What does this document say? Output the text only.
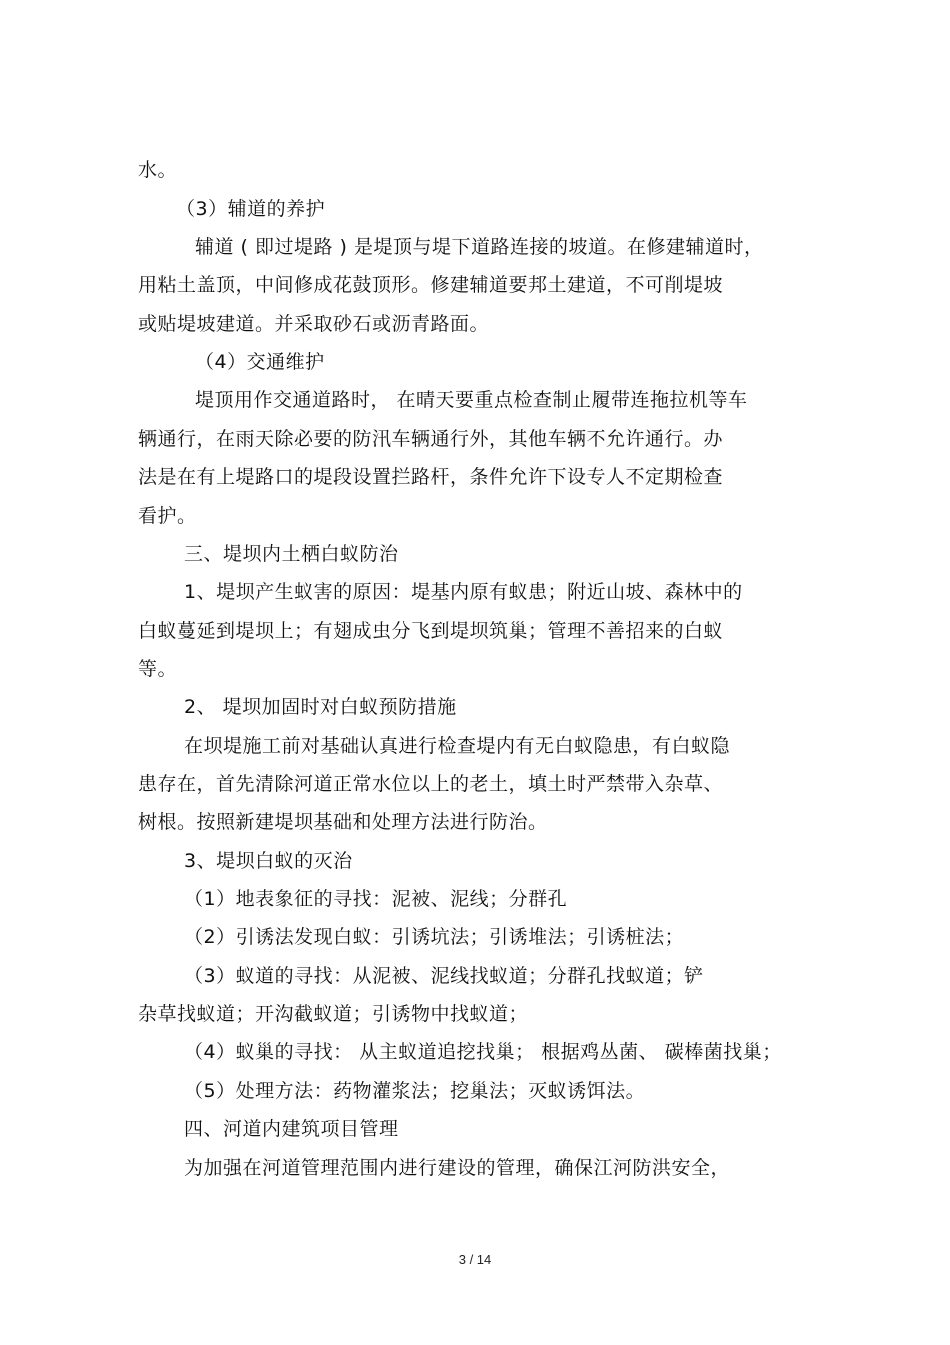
水。
（3）辅道的养护
辅道 ( 即过堤路 ) 是堤顶与堤下道路连接的坡道。在修建辅道时，
用粘土盖顶，中间修成花鼓顶形。修建辅道要邦土建道，不可削堤坡
或贴堤坡建道。并采取砂石或沥青路面。
（4）交通维护
堤顶用作交通道路时， 在晴天要重点检查制止履带连拖拉机等车
辆通行，在雨天除必要的防汛车辆通行外，其他车辆不允许通行。办
法是在有上堤路口的堤段设置拦路杆，条件允许下设专人不定期检查
看护。
三、堤坝内土栖白蚁防治
1、堤坝产生蚁害的原因：堤基内原有蚁患；附近山坡、森林中的
白蚁蔓延到堤坝上；有翅成虫分飞到堤坝筑巢；管理不善招来的白蚁
等。
2、 堤坝加固时对白蚁预防措施
在坝堤施工前对基础认真进行检查堤内有无白蚁隐患，有白蚁隐
患存在，首先清除河道正常水位以上的老土，填土时严禁带入杂草、
树根。按照新建堤坝基础和处理方法进行防治。
3、堤坝白蚁的灭治
（1）地表象征的寻找：泥被、泥线；分群孔
（2）引诱法发现白蚁：引诱坑法；引诱堆法；引诱桩法；
（3）蚁道的寻找：从泥被、泥线找蚁道；分群孔找蚁道；铲
杂草找蚁道；开沟截蚁道；引诱物中找蚁道；
（4）蚁巢的寻找： 从主蚁道追挖找巢； 根据鸡丛菌、 碳棒菌找巢；
（5）处理方法：药物灌浆法；挖巢法；灭蚁诱饵法。
四、河道内建筑项目管理
为加强在河道管理范围内进行建设的管理，确保江河防洪安全，
3 / 14
